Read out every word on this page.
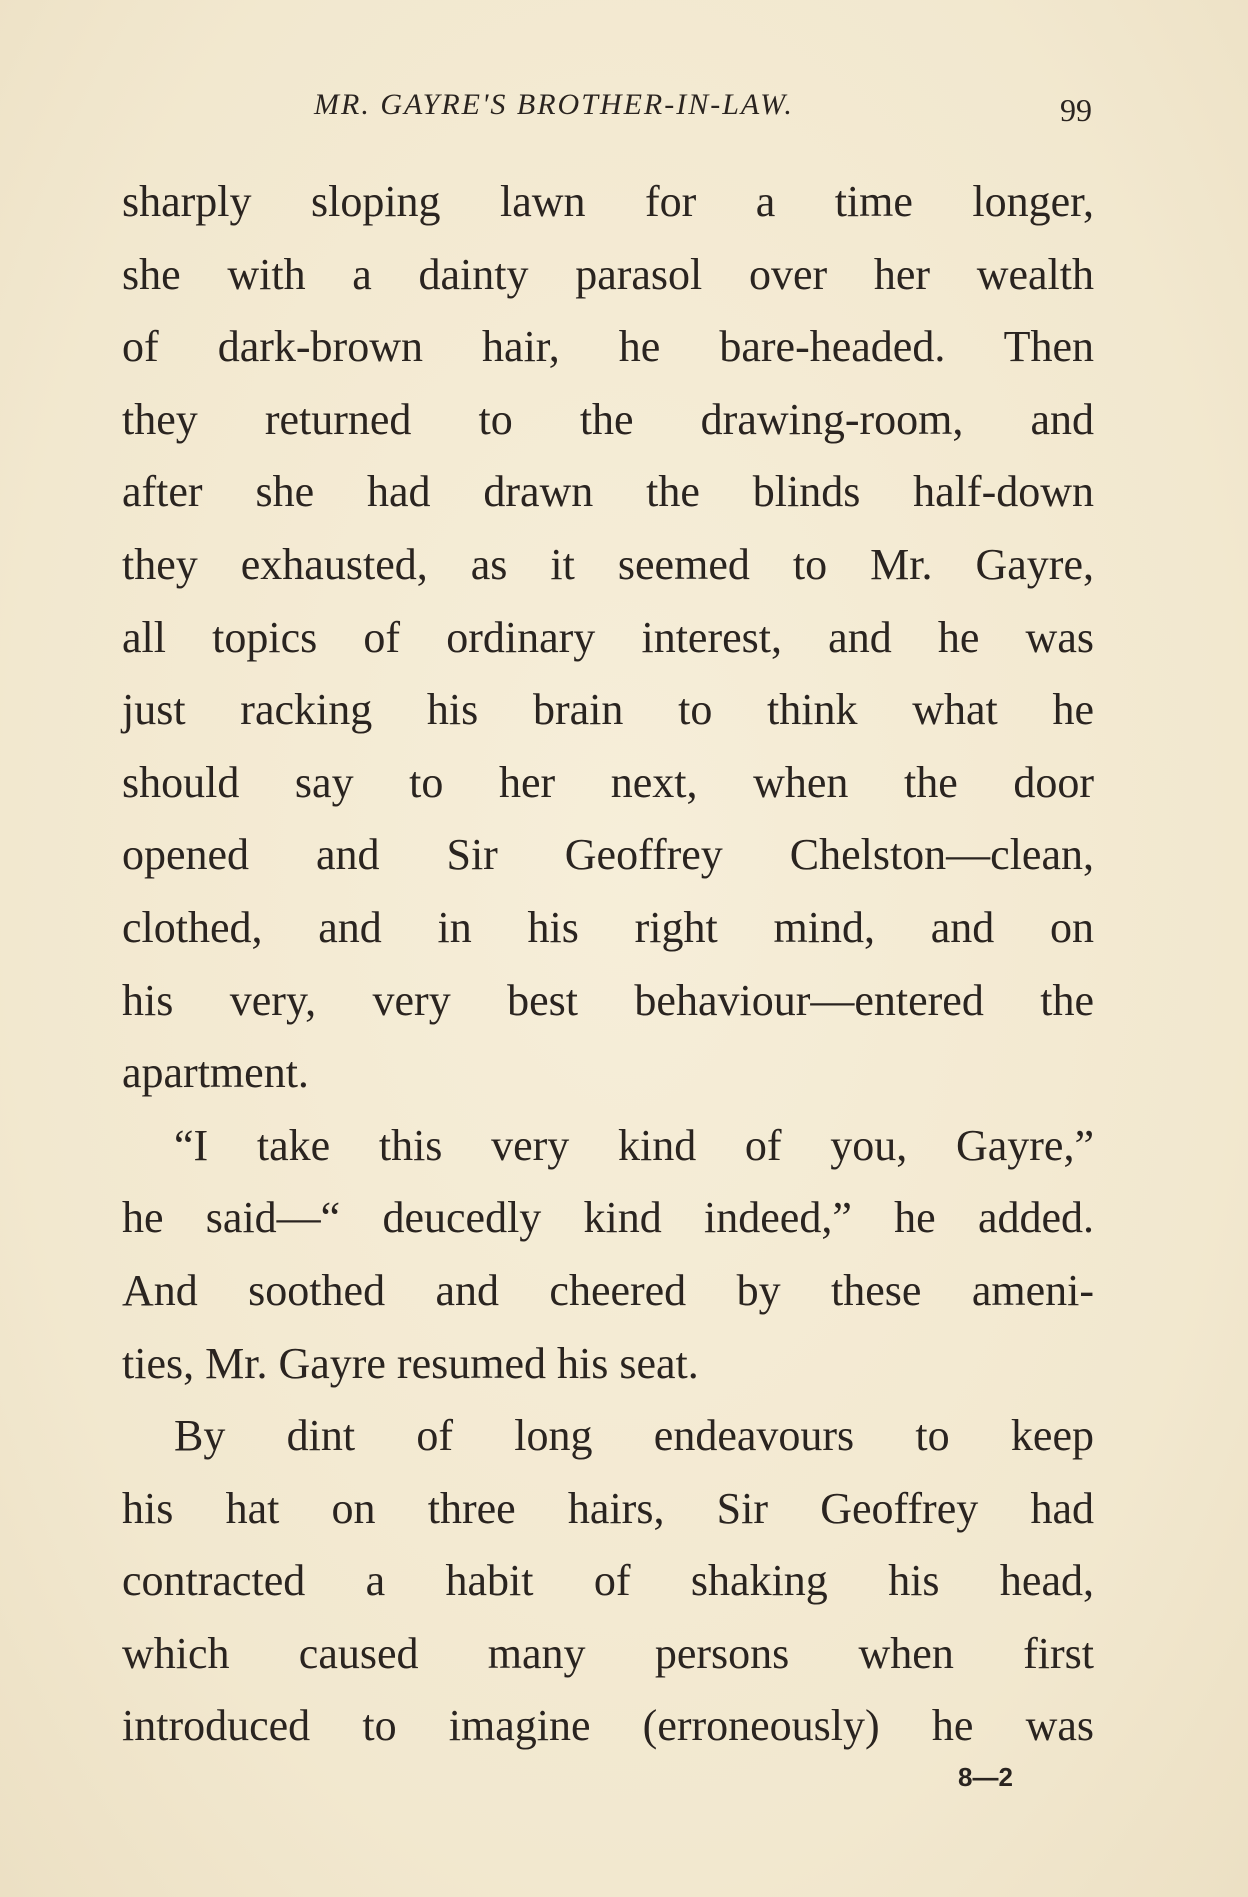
MR. GAYRE'S BROTHER-IN-LAW.	99
sharply sloping lawn for a time longer,
she with a dainty parasol over her wealth
of dark-brown hair, he bare-headed. Then
they returned to the drawing-room, and
after she had drawn the blinds half-down
they exhausted, as it seemed to Mr. Gayre,
all topics of ordinary interest, and he was
just racking his brain to think what he
should say to her next, when the door
opened and Sir Geoffrey Chelston—clean,
clothed, and in his right mind, and on
his very, very best behaviour—entered the
apartment.
“I take this very kind of you, Gayre,”
he said—“ deucedly kind indeed,” he added.
And soothed and cheered by these ameni-
ties, Mr. Gayre resumed his seat.
By dint of long endeavours to keep
his hat on three hairs, Sir Geoffrey had
contracted a habit of shaking his head,
which caused many persons when first
introduced to imagine (erroneously) he was
8—2
